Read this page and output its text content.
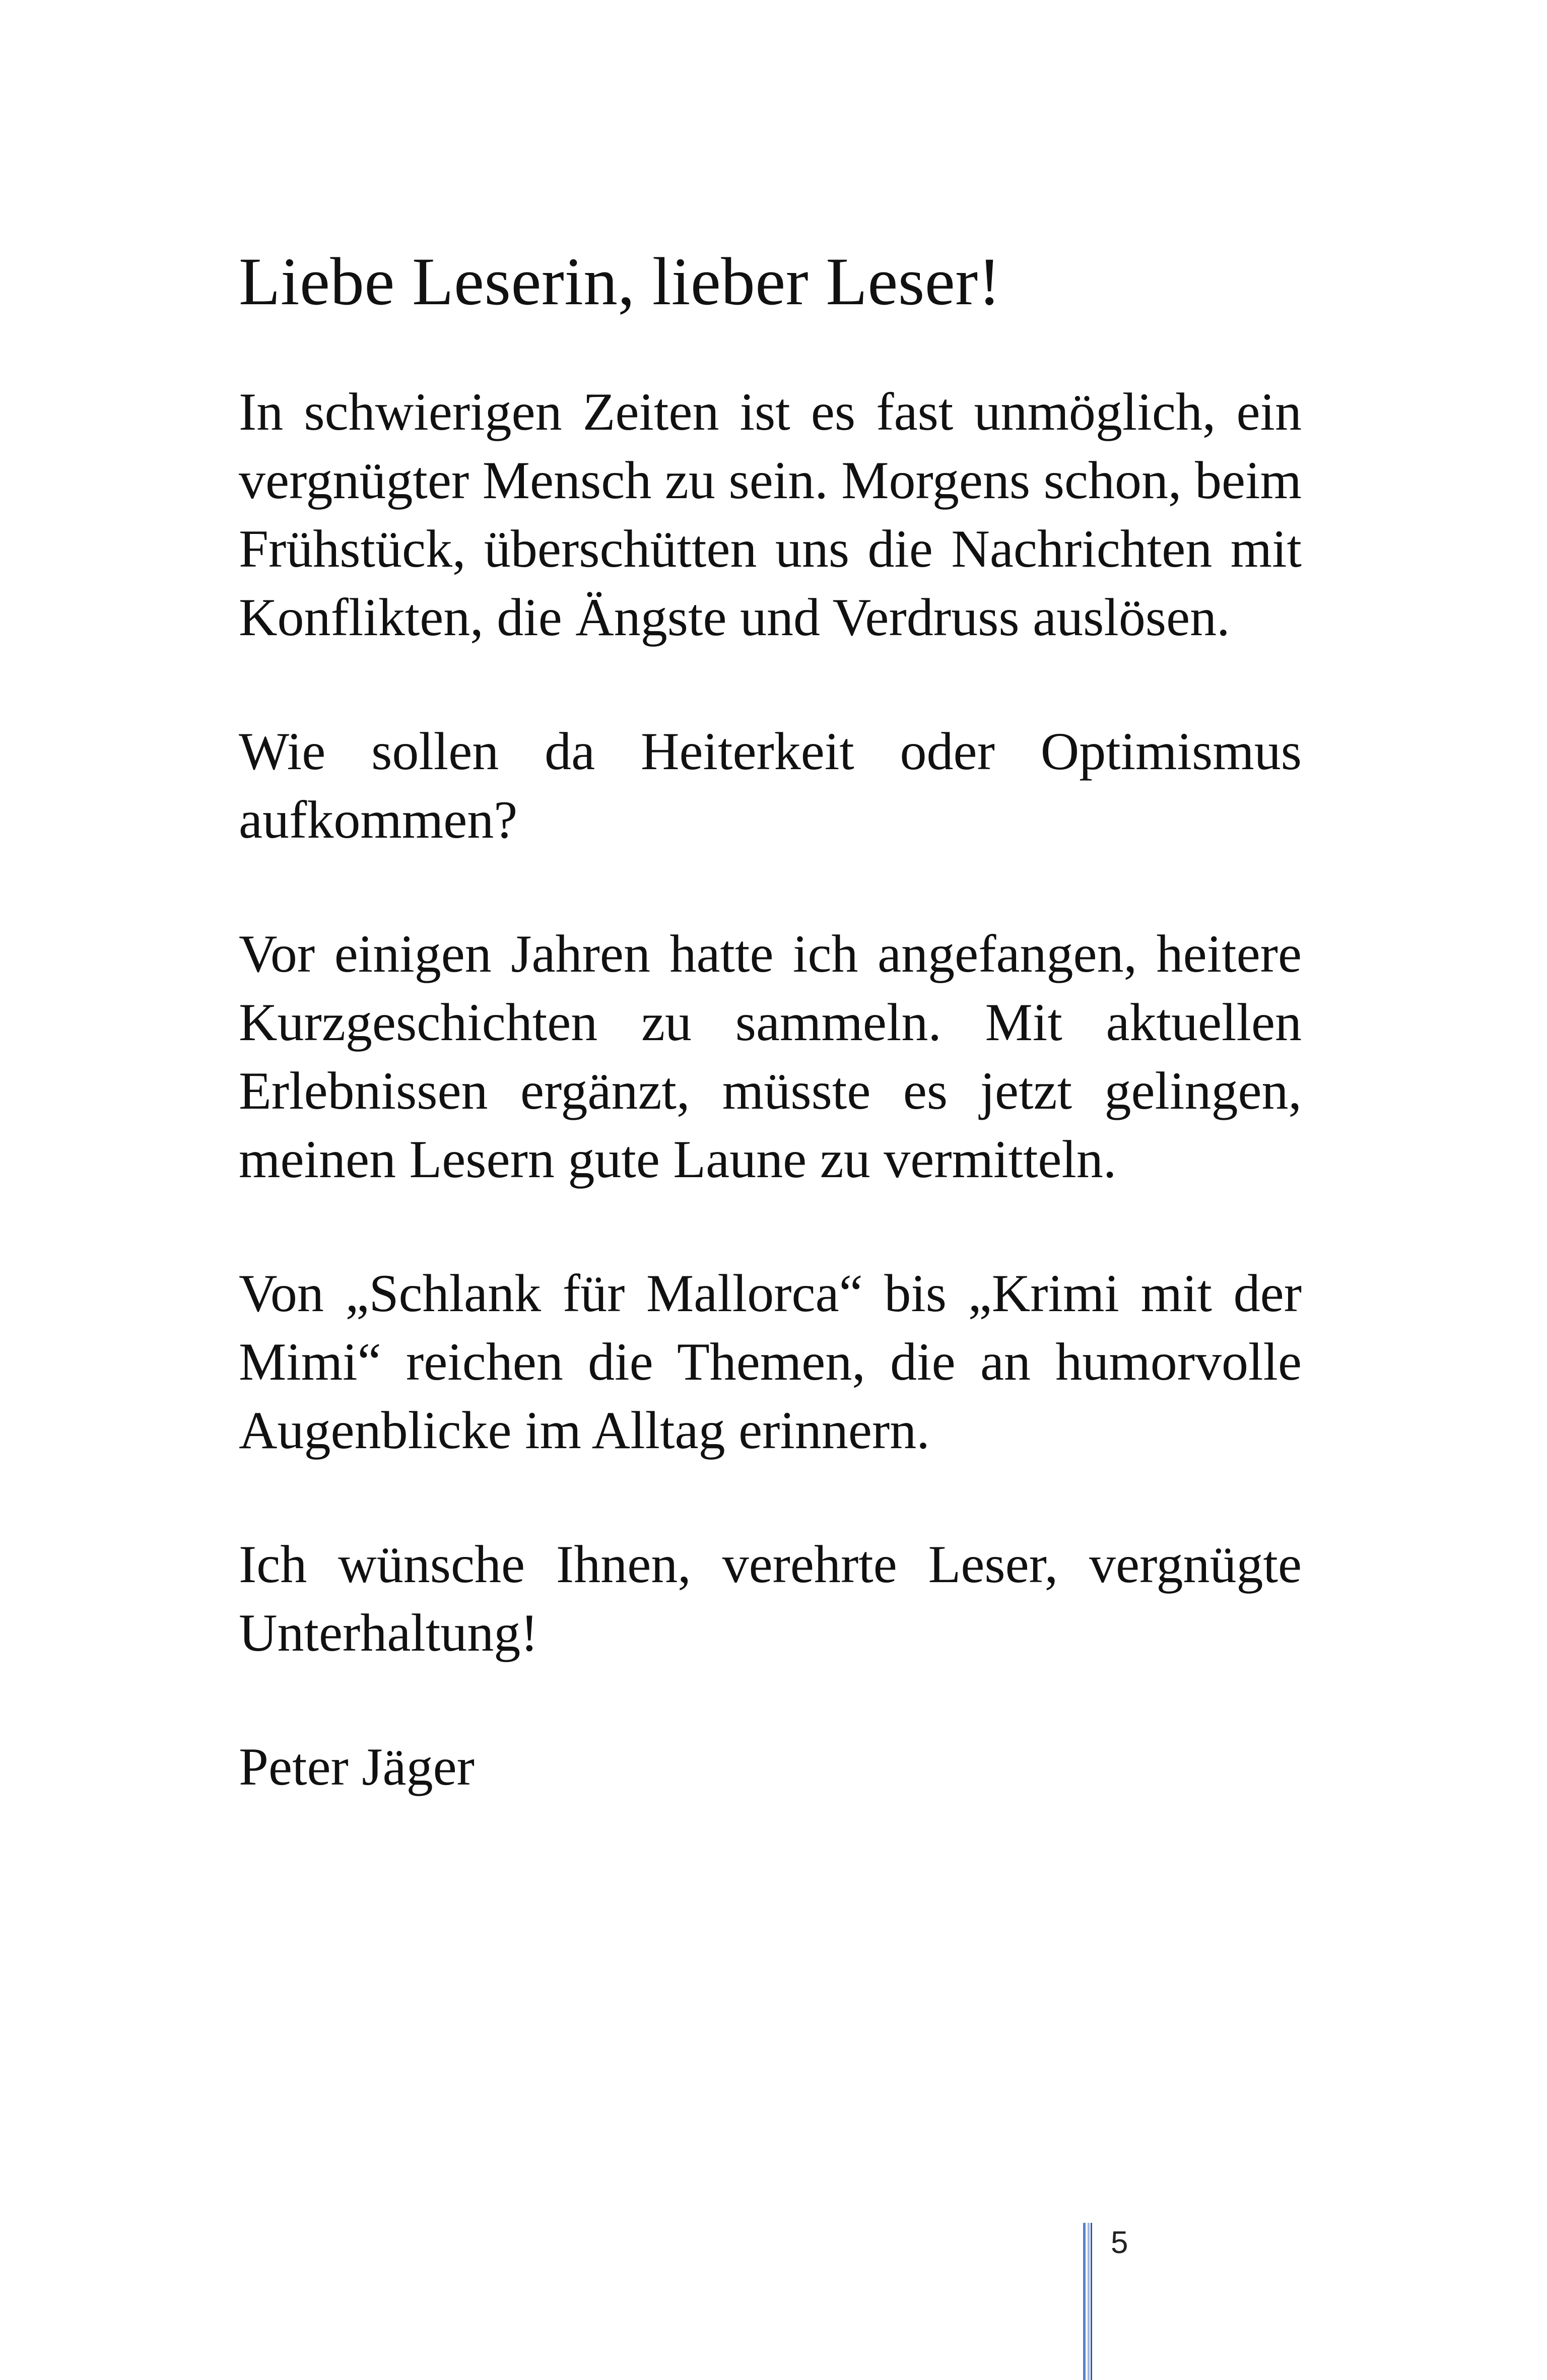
Liebe Leserin, lieber Leser!

In schwierigen Zeiten ist es fast unmöglich, ein vergnügter Mensch zu sein. Morgens schon, beim Frühstück, überschütten uns die Nachrichten mit Konflikten, die Ängste und Verdruss auslösen.

Wie sollen da Heiterkeit oder Optimismus aufkommen?

Vor einigen Jahren hatte ich angefangen, heitere Kurzgeschichten zu sammeln. Mit aktuellen Erlebnissen ergänzt, müsste es jetzt gelingen, meinen Lesern gute Laune zu vermitteln.

Von „Schlank für Mallorca“ bis „Krimi mit der Mimi“ reichen die Themen, die an humorvolle Augenblicke im Alltag erinnern.

Ich wünsche Ihnen, verehrte Leser, vergnügte Unterhaltung!

Peter Jäger

5
